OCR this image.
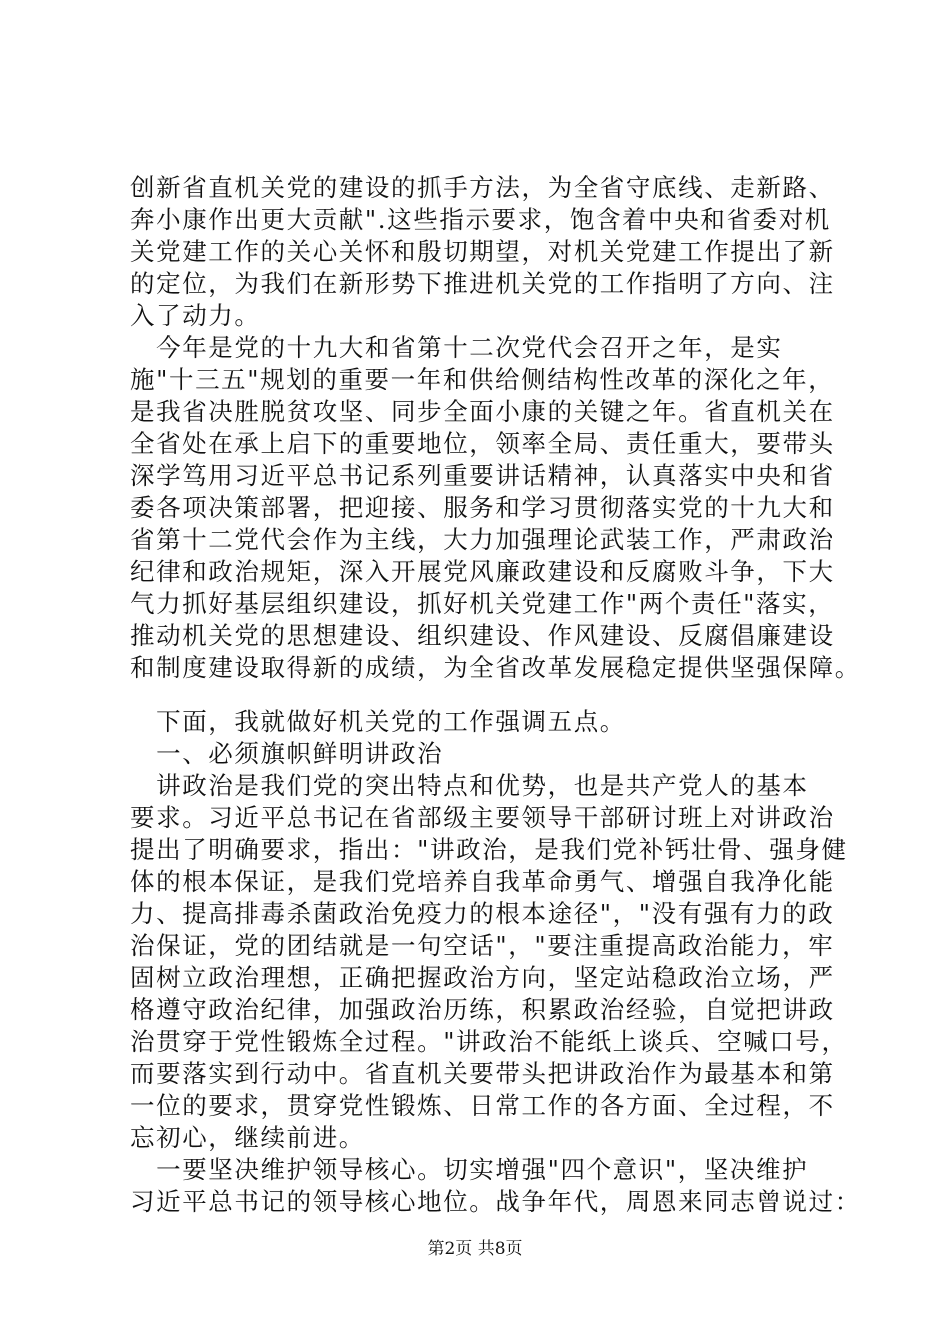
创新省直机关党的建设的抓手方法，为全省守底线、走新路、
奔小康作出更大贡献".这些指示要求，饱含着中央和省委对机
关党建工作的关心关怀和殷切期望，对机关党建工作提出了新
的定位，为我们在新形势下推进机关党的工作指明了方向、注
入了动力。
　今年是党的十九大和省第十二次党代会召开之年，是实
施"十三五"规划的重要一年和供给侧结构性改革的深化之年，
是我省决胜脱贫攻坚、同步全面小康的关键之年。省直机关在
全省处在承上启下的重要地位，领率全局、责任重大，要带头
深学笃用习近平总书记系列重要讲话精神，认真落实中央和省
委各项决策部署，把迎接、服务和学习贯彻落实党的十九大和
省第十二党代会作为主线，大力加强理论武装工作，严肃政治
纪律和政治规矩，深入开展党风廉政建设和反腐败斗争，下大
气力抓好基层组织建设，抓好机关党建工作"两个责任"落实，
推动机关党的思想建设、组织建设、作风建设、反腐倡廉建设
和制度建设取得新的成绩，为全省改革发展稳定提供坚强保障。
　下面，我就做好机关党的工作强调五点。
　一、必须旗帜鲜明讲政治
　讲政治是我们党的突出特点和优势，也是共产党人的基本
要求。习近平总书记在省部级主要领导干部研讨班上对讲政治
提出了明确要求，指出："讲政治，是我们党补钙壮骨、强身健
体的根本保证，是我们党培养自我革命勇气、增强自我净化能
力、提高排毒杀菌政治免疫力的根本途径"，"没有强有力的政
治保证，党的团结就是一句空话"，"要注重提高政治能力，牢
固树立政治理想，正确把握政治方向，坚定站稳政治立场，严
格遵守政治纪律，加强政治历练，积累政治经验，自觉把讲政
治贯穿于党性锻炼全过程。"讲政治不能纸上谈兵、空喊口号，
而要落实到行动中。省直机关要带头把讲政治作为最基本和第
一位的要求，贯穿党性锻炼、日常工作的各方面、全过程，不
忘初心，继续前进。
　一要坚决维护领导核心。切实增强"四个意识"，坚决维护
习近平总书记的领导核心地位。战争年代，周恩来同志曾说过：
第2页 共8页
